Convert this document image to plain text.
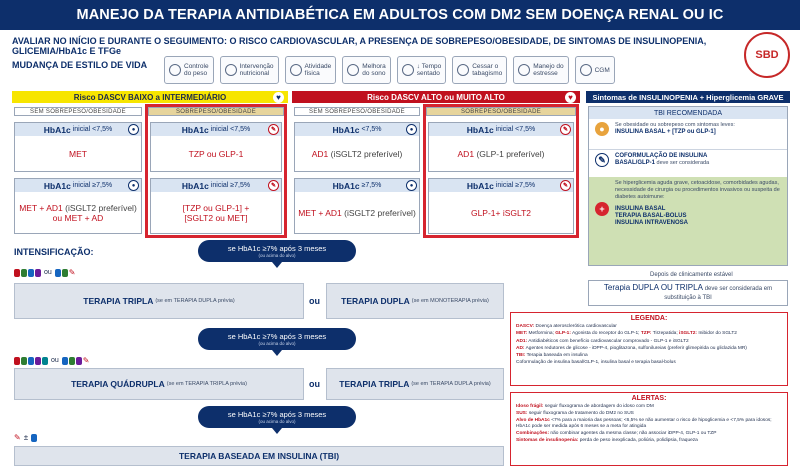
MANEJO DA TERAPIA ANTIDIABÉTICA EM ADULTOS COM DM2 SEM DOENÇA RENAL OU IC
SBD
AVALIAR NO INÍCIO E DURANTE O SEGUIMENTO: O RISCO CARDIOVASCULAR, A PRESENÇA DE SOBREPESO/OBESIDADE, DE SINTOMAS DE INSULINOPENIA, GLICEMIA/HbA1c E TFGe
MUDANÇA DE ESTILO DE VIDA	Controle
do peso
Intervenção
nutricional
Atividade
física
Melhora
do sono
↓ Tempo
sentado
Cessar o
tabagismo
Manejo do
estresse	CGM
Risco DASCV BAIXO a INTERMEDIÁRIO	♥
SEM SOBREPESO/OBESIDADE	SOBREPESO/OBESIDADE
HbA1c inicial <7,5%	●
MET
HbA1c inicial <7,5%	✎
TZP ou GLP-1
HbA1c inicial ≥7,5%	●
MET + AD1 (iSGLT2 preferível)
ou MET + AD
HbA1c inicial ≥7,5%	✎
[TZP ou GLP-1] +
[SGLT2 ou MET]
Risco DASCV ALTO ou MUITO ALTO	♥
SEM SOBREPESO/OBESIDADE	SOBREPESO/OBESIDADE
HbA1c <7,5%	●
AD1
(iSGLT2 preferível)
HbA1c inicial <7,5%	✎
AD1
(GLP-1 preferível)
HbA1c ≥7,5%	●
MET + AD1
(iSGLT2 preferível)
HbA1c inicial ≥7,5%	✎
GLP-1+ iSGLT2
Sintomas de INSULINOPENIA + Hiperglicemia GRAVE
TBI RECOMENDADA
●	Se obesidade ou sobrepeso com sintomas leves:
INSULINA BASAL + [TZP ou GLP-1]
✎	COFORMULAÇÃO DE INSULINA
BASAL/GLP-1 deve ser considerada
+
Se hiperglicemia aguda grave, cetoacidose, comorbidades agudas, necessidade de cirurgia ou procedimentos invasivos ou suspeita de diabetes autoimune:
INSULINA BASAL
TERAPIA BASAL-BOLUS
INSULINA INTRAVENOSA
Depois de clinicamente estável
Terapia DUPLA OU TRIPLA deve ser considerada em substituição à TBI
INTENSIFICAÇÃO:	se HbA1c ≥7% após 3 meses
(ou acima do alvo)
ou ✎
TERAPIA TRIPLA (se em TERAPIA DUPLA prévia)	ou TERAPIA DUPLA (se em MONOTERAPIA prévia)
se HbA1c ≥7% após 3 meses
(ou acima do alvo)
ou	✎
TERAPIA QUÁDRUPLA (se em TERAPIA TRIPLA prévia)	ou TERAPIA TRIPLA (se em TERAPIA DUPLA prévia)
se HbA1c ≥7% após 3 meses
(ou acima do alvo)
✎ ±
TERAPIA BASEADA EM INSULINA (TBI)
LEGENDA:

DASCV: Doença aterosclerótica cardiovascular

MET: Metformina; GLP-1: Agonista do receptor do GLP-1; TZP: Tirzepatida; iSGLT2: Inibidor do SGLT2

AD1: Antidiabéticos com benefício cardiovascular comprovado - GLP-1 e iSGLT2

AD: Agentes redutores de glicose - iDPP-4, pioglitazona, sulfonilureias (preferir glimepirida ou gliclazida MR)

TBI: Terapia baseada em insulina

Coformulação de insulina basal/GLP-1, insulina basal e terapia basal-bolus

ALERTAS:

Idoso frágil: seguir fluxograma de abordagem do idoso com DM

SUS: seguir fluxograma de tratamento do DM2 no SUS

Alvo de HbA1c <7% para a maioria das pessoas; <6,5% se não aumentar o risco de hipoglicemia e <7,5% para idosos; HbA1c pode ser medida após 6 meses se a meta for atingida

Combinações: não combinar agentes da mesma classe; não associar iDPP-4, GLP-1 ou TZP

Sintomas de insulinopenia: perda de peso inexplicada, poliúria, polidipsia, fraqueza
